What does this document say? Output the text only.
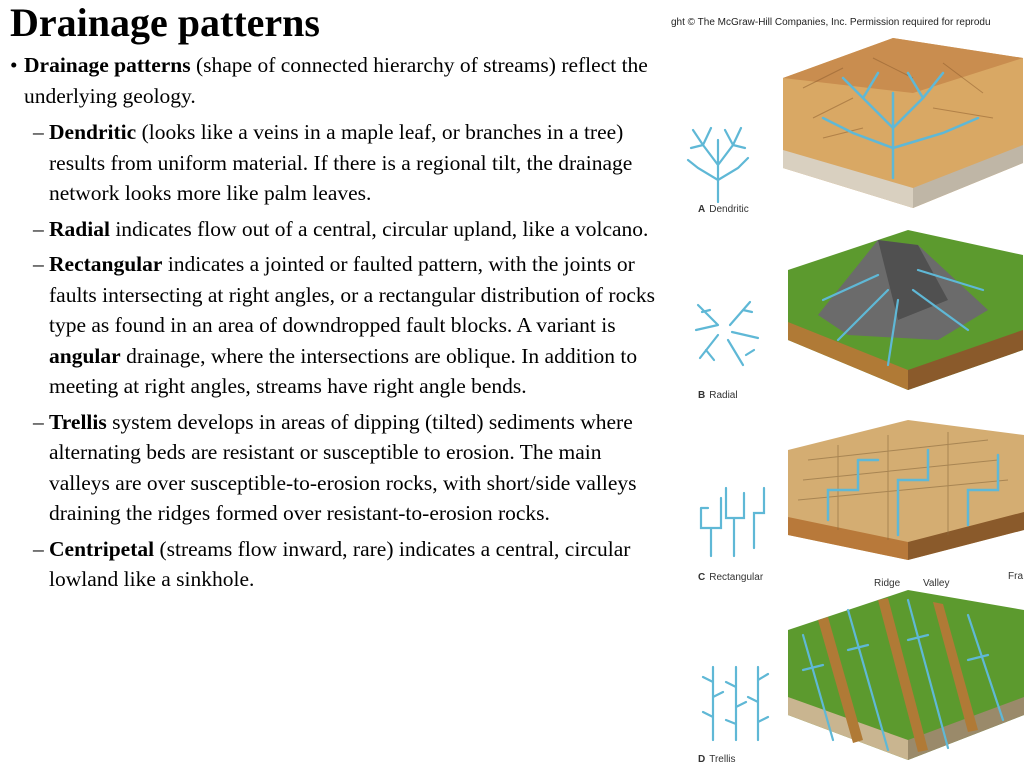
Drainage patterns
• Drainage patterns (shape of connected hierarchy of streams) reflect the underlying geology.
– Dendritic (looks like a veins in a maple leaf, or branches in a tree) results from uniform material. If there is a regional tilt, the drainage network looks more like palm leaves.
– Radial indicates flow out of a central, circular upland, like a volcano.
– Rectangular indicates a jointed or faulted pattern, with the joints or faults intersecting at right angles, or a rectangular distribution of rocks type as found in an area of downdropped fault blocks. A variant is angular drainage, where the intersections are oblique. In addition to meeting at right angles, streams have right angle bends.
– Trellis system develops in areas of dipping (tilted) sediments where alternating beds are resistant or susceptible to erosion. The main valleys are over susceptible-to-erosion rocks, with short/side valleys draining the ridges formed over resistant-to-erosion rocks.
– Centripetal (streams flow inward, rare) indicates a central, circular lowland like a sinkhole.
ght © The McGraw-Hill Companies, Inc. Permission required for reprodu
A Dendritic
B Radial
C Rectangular	Fra
Ridge Valley
D Trellis
